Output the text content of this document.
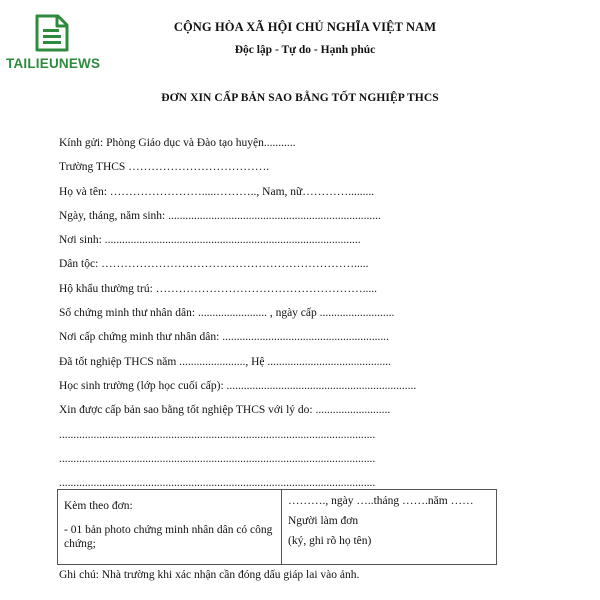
TAILIEUNEWS
CỘNG HÒA XÃ HỘI CHỦ NGHĨA VIỆT NAM
Độc lập - Tự do - Hạnh phúc
ĐƠN XIN CẤP BẢN SAO BẰNG TỐT NGHIỆP THCS
Kính gửi: Phòng Giáo dục và Đào tạo huyện...........
Trường THCS ……………………………….
Họ và tên: …………………….....……….., Nam, nữ………….........
Ngày, tháng, năm sinh: ..........................................................................
Nơi sinh: .........................................................................................
Dân tộc: ………………………………………………………….....
Hộ khẩu thường trú: ……………………………………………….....
Số chứng minh thư nhân dân: ........................ , ngày cấp ..........................
Nơi cấp chứng minh thư nhân dân: ..........................................................
Đã tốt nghiệp THCS năm ......................., Hệ ...........................................
Học sinh trường (lớp học cuối cấp): ..................................................................
Xin được cấp bản sao bằng tốt nghiệp THCS với lý do: ..........................
..............................................................................................................
..............................................................................................................
..............................................................................................................
Kèm theo đơn:
- 01 bản photo chứng minh nhân dân có công chứng;
………., ngày …..tháng …….năm ……
Người làm đơn
(ký, ghi rõ họ tên)
Ghi chú: Nhà trường khi xác nhận cần đóng dấu giáp lai vào ảnh.
